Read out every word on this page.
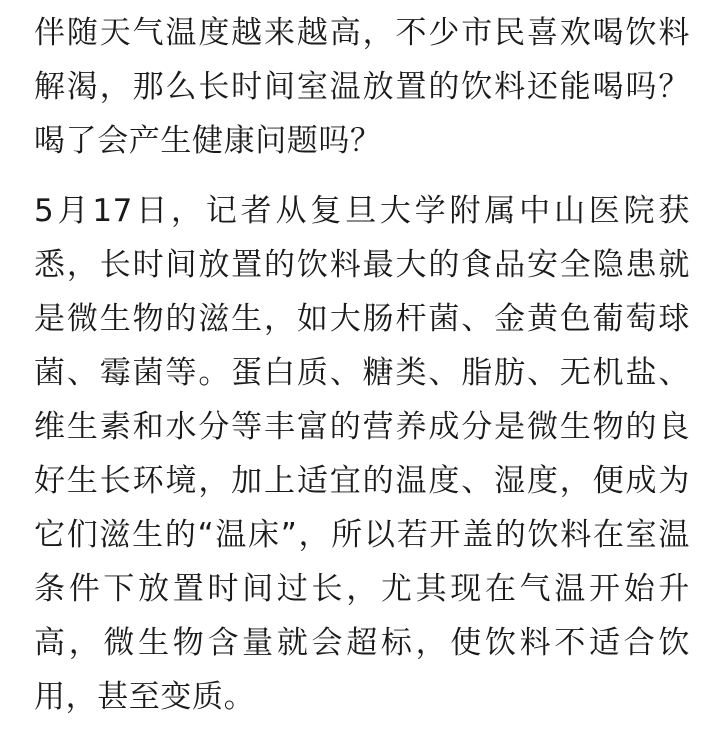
伴随天气温度越来越高，不少市民喜欢喝饮料解渴，那么长时间室温放置的饮料还能喝吗？喝了会产生健康问题吗？

5月17日，记者从复旦大学附属中山医院获悉，长时间放置的饮料最大的食品安全隐患就是微生物的滋生，如大肠杆菌、金黄色葡萄球菌、霉菌等。蛋白质、糖类、脂肪、无机盐、维生素和水分等丰富的营养成分是微生物的良好生长环境，加上适宜的温度、湿度，便成为它们滋生的“温床”，所以若开盖的饮料在室温条件下放置时间过长，尤其现在气温开始升高，微生物含量就会超标，使饮料不适合饮用，甚至变质。
